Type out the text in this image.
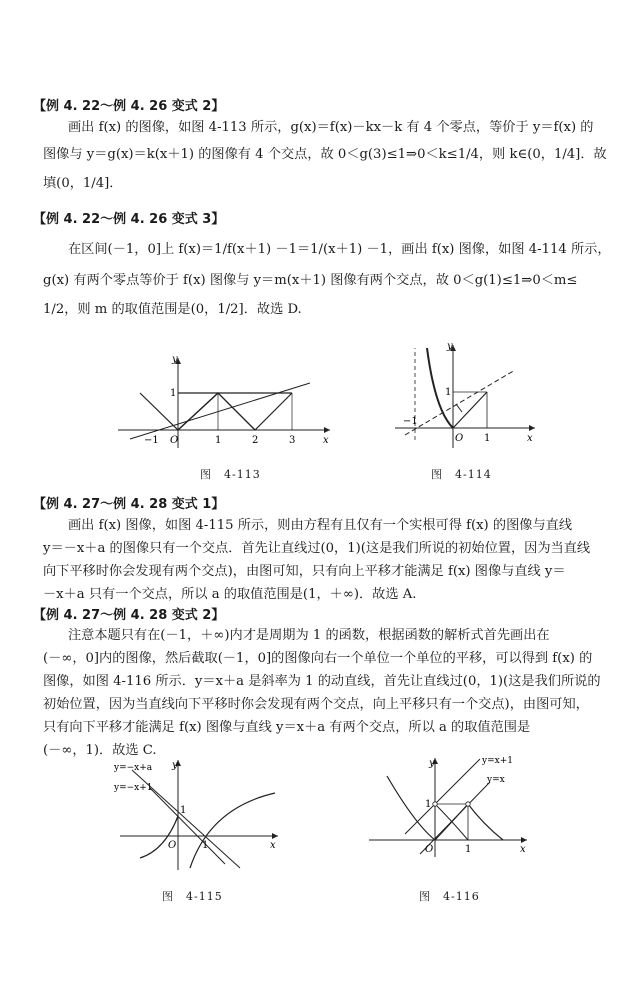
【例 4. 22～例 4. 26 变式 2】
画出 f(x) 的图像，如图 4-113 所示，g(x)＝f(x)－kx－k 有 4 个零点，等价于 y＝f(x) 的
图像与 y＝g(x)＝k(x＋1) 的图像有 4 个交点，故 0＜g(3)≤1⇒0＜k≤1/4，则 k∈(0，1/4]．故
填(0，1/4]．
【例 4. 22～例 4. 26 变式 3】
在区间(－1，0]上 f(x)＝1/f(x＋1) －1＝1/(x＋1) －1，画出 f(x) 图像，如图 4-114 所示，
g(x) 有两个零点等价于 f(x) 图像与 y＝m(x＋1) 图像有两个交点，故 0＜g(1)≤1⇒0＜m≤
1/2，则 m 的取值范围是(0，1/2]．故选 D.
y
x
O
−1	1	2	3
1
图　4-113
y
x
O
−1
1
1
图　4-114
【例 4. 27～例 4. 28 变式 1】
画出 f(x) 图像，如图 4-115 所示，则由方程有且仅有一个实根可得 f(x) 的图像与直线
y＝－x＋a 的图像只有一个交点．首先让直线过(0，1)(这是我们所说的初始位置，因为当直线
向下平移时你会发现有两个交点)，由图可知，只有向上平移才能满足 f(x) 图像与直线 y＝
－x＋a 只有一个交点，所以 a 的取值范围是(1，＋∞)．故选 A.
【例 4. 27～例 4. 28 变式 2】
注意本题只有在(－1，＋∞)内才是周期为 1 的函数，根据函数的解析式首先画出在
(－∞，0]内的图像，然后截取(－1，0]的图像向右一个单位一个单位的平移，可以得到 f(x) 的
图像，如图 4-116 所示．y＝x＋a 是斜率为 1 的动直线，首先让直线过(0，1)(这是我们所说的
初始位置，因为当直线向下平移时你会发现有两个交点，向上平移只有一个交点)，由图可知，
只有向下平移才能满足 f(x) 图像与直线 y＝x＋a 有两个交点，所以 a 的取值范围是
(－∞，1)．故选 C.
y
x
O	1
1
y=−x+a
y=−x+1
图　4-115
y
x
O	1
1
y=x+1
y=x
图　4-116
